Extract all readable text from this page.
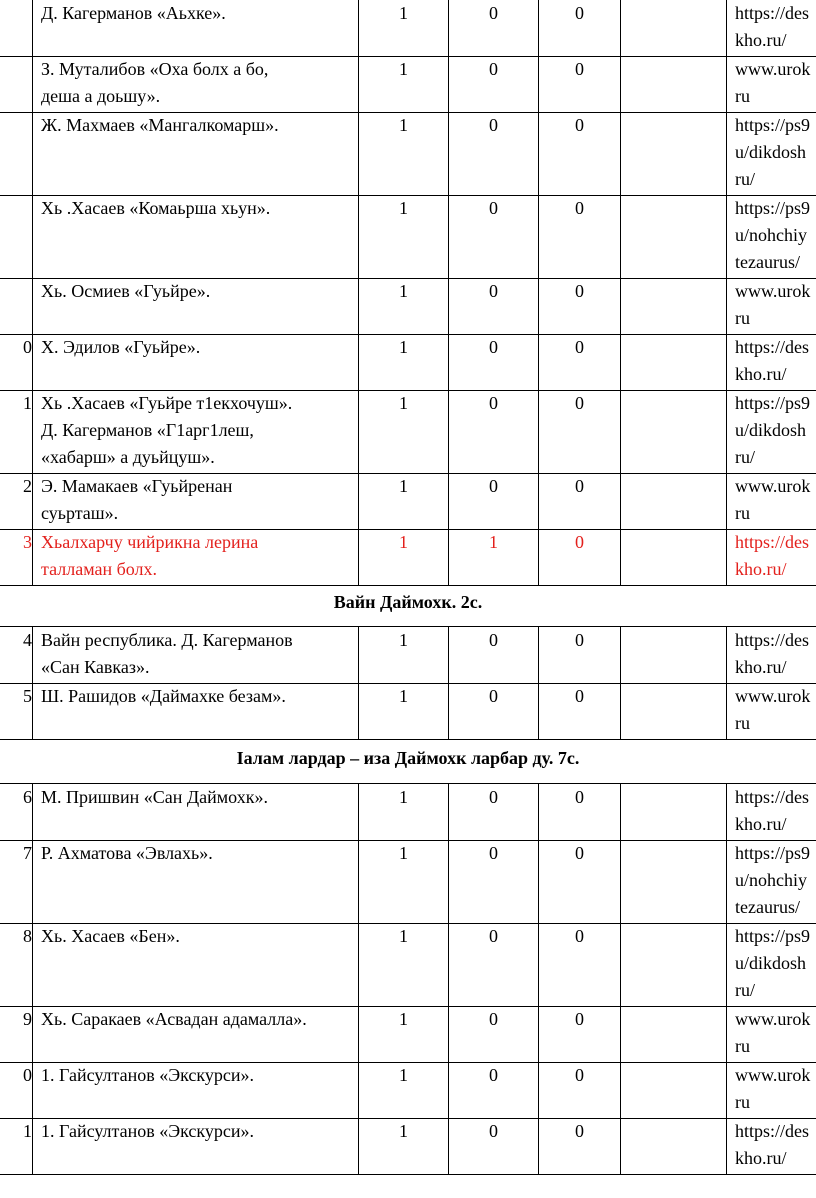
Д. Кагерманов «Аьхке».	1	0	0	https://des
kho.ru/
З. Муталибов «Оха болх а бо,
деша а доьшу».
1	0	0	www.urok
ru
Ж. Махмаев «Мангалкомарш».	1	0	0	https://ps9
u/dikdosh
ru/
Хь .Хасаев «Комаьрша хьун».	1	0	0	https://ps9
u/nohchiy
tezaurus/
Хь. Осмиев «Гуьйре».	1	0	0	www.urok
ru
0 Х. Эдилов «Гуьйре».	1	0	0	https://des
kho.ru/
1 Хь .Хасаев «Гуьйре т1екхочуш».
Д. Кагерманов «Г1арг1леш,
«хабарш» а дуьйцуш».
1	0	0	https://ps9
u/dikdosh
ru/
2 Э. Мамакаев «Гуьйренан
суьрташ».
1	0	0	www.urok
ru
3 Хьалхарчу чийрикна лерина
талламан болх.
1	1	0	https://des
kho.ru/
Вайн Даймохк. 2с.
4 Вайн республика. Д. Кагерманов
«Сан Кавказ».
1	0	0	https://des
kho.ru/
5 Ш. Рашидов «Даймахке безам».	1	0	0	www.urok
ru
Iалам лардар – иза Даймохк ларбар ду. 7с.
6 М. Пришвин «Сан Даймохк».	1	0	0	https://des
kho.ru/
7 Р. Ахматова «Эвлахь».	1	0	0	https://ps9
u/nohchiy
tezaurus/
8 Хь. Хасаев «Бен».	1	0	0	https://ps9
u/dikdosh
ru/
9 Хь. Саракаев «Асвадан адамалла».	1	0	0	www.urok
ru
0 1. Гайсултанов «Экскурси».	1	0	0	www.urok
ru
1 1. Гайсултанов «Экскурси».	1	0	0	https://des
kho.ru/
